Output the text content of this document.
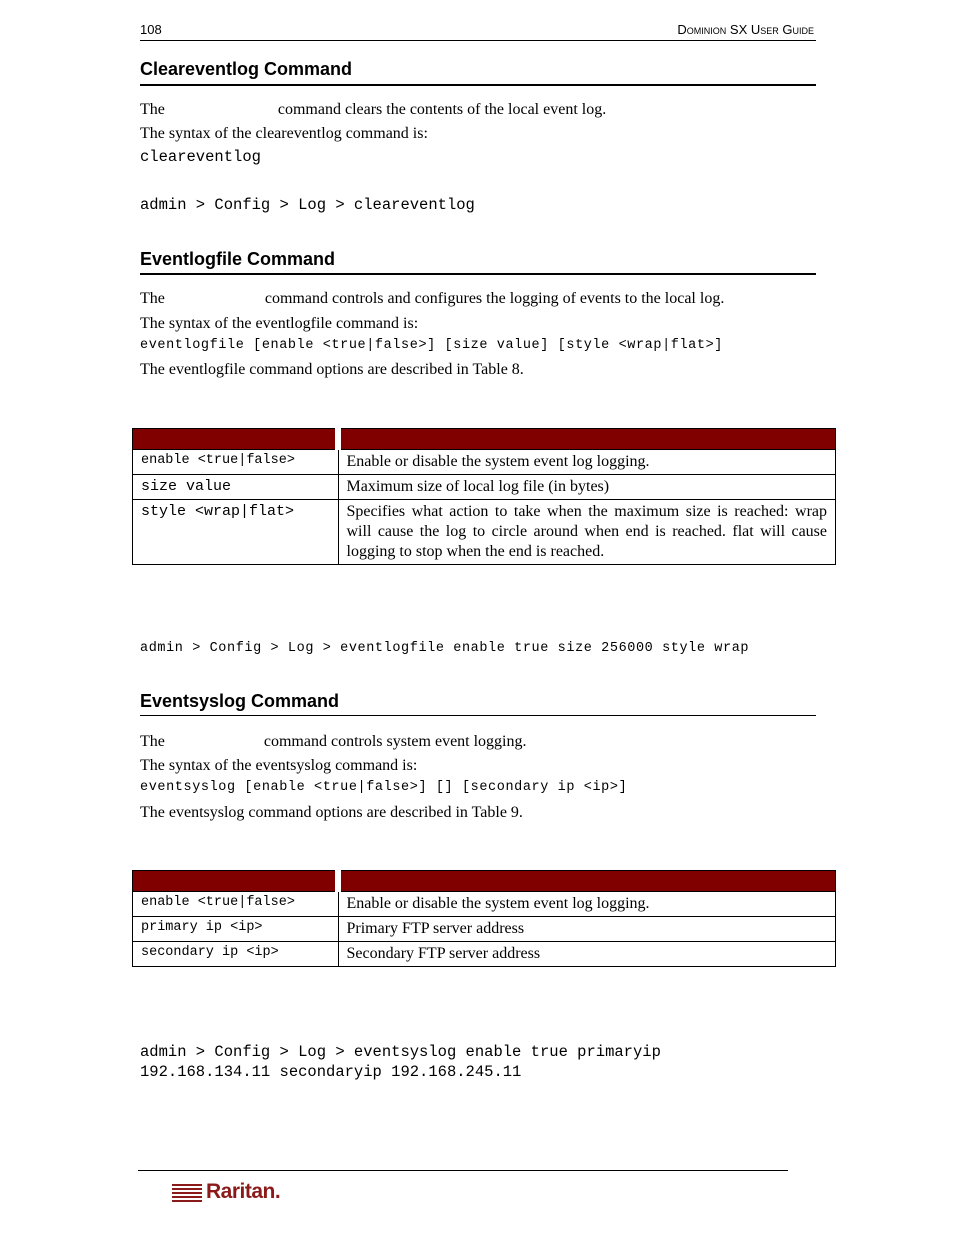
108	Dominion SX User Guide
Cleareventlog Command
The	command clears the contents of the local event log.
The syntax of the cleareventlog command is:
cleareventlog
admin > Config > Log > cleareventlog
Eventlogfile Command
The	command controls and configures the logging of events to the local log.
The syntax of the eventlogfile command is:
eventlogfile [enable <true|false>] [size value] [style <wrap|flat>]
The eventlogfile command options are described in Table 8.

enable <true|false>	Enable or disable the system event log logging.
size value	Maximum size of local log file (in bytes)
style <wrap|flat>	Specifies what action to take when the maximum size is reached: wrap will cause the log to circle around when end is reached. flat will cause logging to stop when the end is reached.
admin > Config > Log > eventlogfile enable true size 256000 style wrap
Eventsyslog Command
The	command controls system event logging.
The syntax of the eventsyslog command is:
eventsyslog [enable <true|false>] [] [secondary ip <ip>]
The eventsyslog command options are described in Table 9.

enable <true|false>	Enable or disable the system event log logging.
primary ip <ip>	Primary FTP server address
secondary ip <ip>	Secondary FTP server address
admin > Config > Log > eventsyslog enable true primaryip
192.168.134.11 secondaryip 192.168.245.11
Raritan.
